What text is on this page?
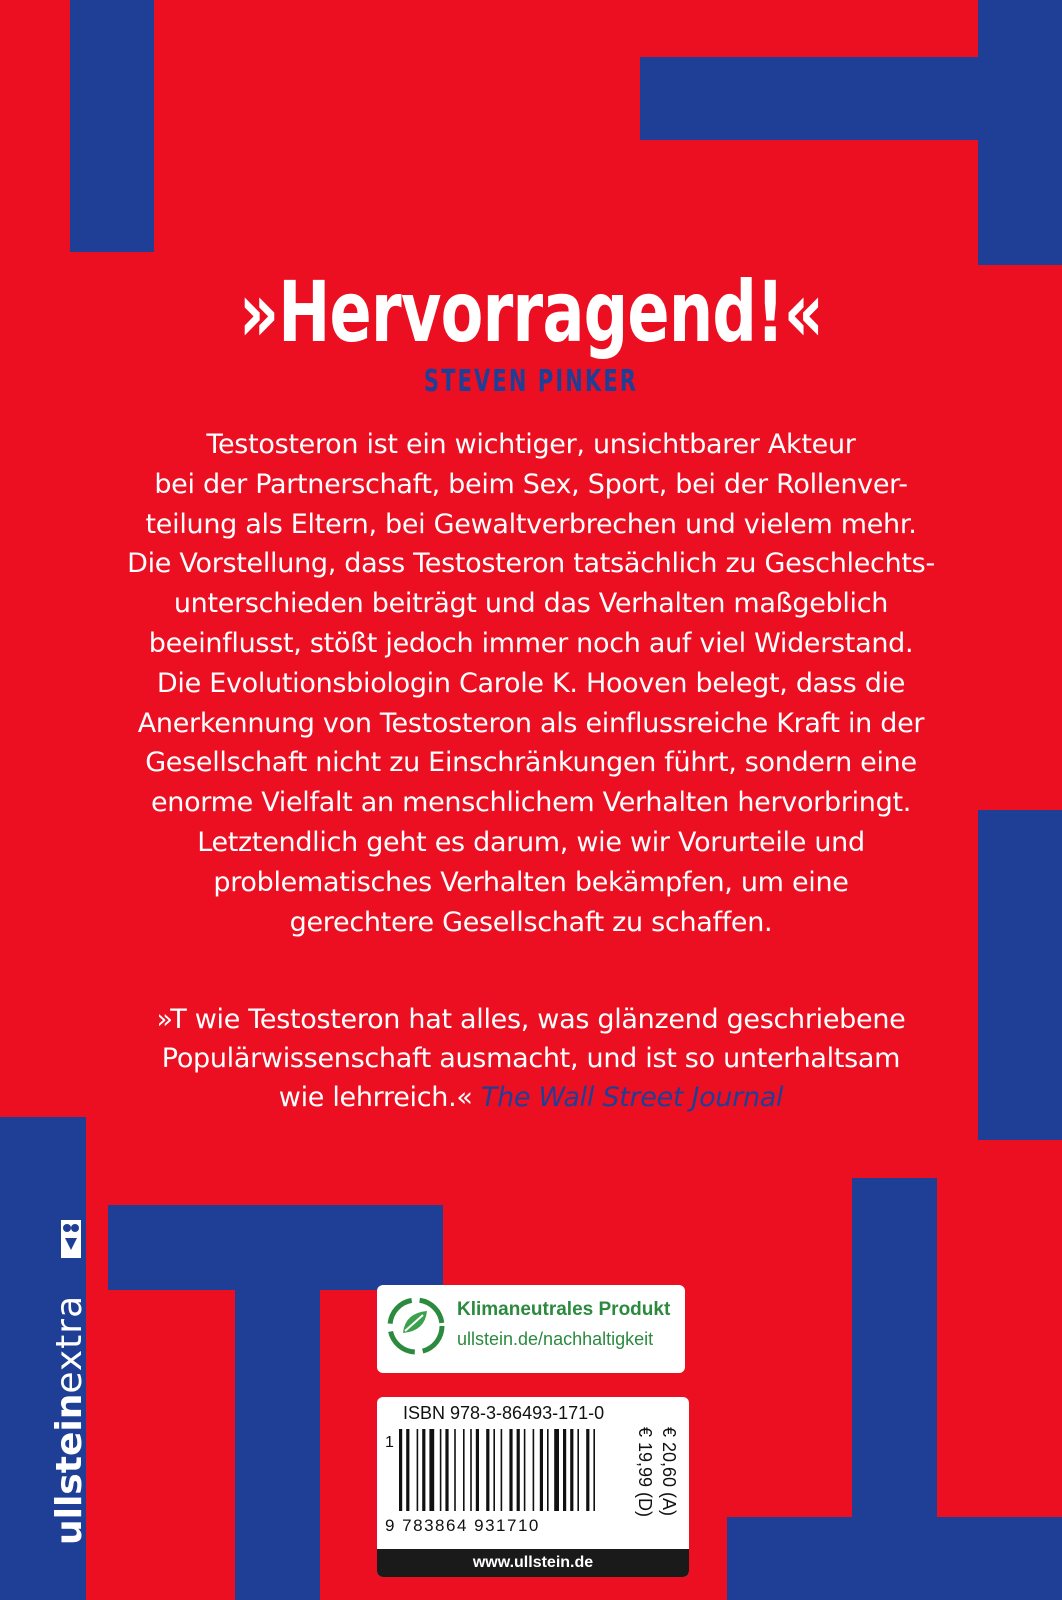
»Hervorragend!«
STEVEN PINKER
Testosteron ist ein wichtiger, unsichtbarer Akteur
bei der Partnerschaft, beim Sex, Sport, bei der Rollenver-
teilung als Eltern, bei Gewaltverbrechen und vielem mehr.
Die Vorstellung, dass Testosteron tatsächlich zu Geschlechts-
unterschieden beiträgt und das Verhalten maßgeblich
beeinflusst, stößt jedoch immer noch auf viel Widerstand.
Die Evolutionsbiologin Carole K. Hooven belegt, dass die
Anerkennung von Testosteron als einflussreiche Kraft in der
Gesellschaft nicht zu Einschränkungen führt, sondern eine
enorme Vielfalt an menschlichem Verhalten hervorbringt.
Letztendlich geht es darum, wie wir Vorurteile und
problematisches Verhalten bekämpfen, um eine
gerechtere Gesellschaft zu schaffen.
»T wie Testosteron hat alles, was glänzend geschriebene
Populärwissenschaft ausmacht, und ist so unterhaltsam
wie lehrreich.« The Wall Street Journal
ullsteinextra	Klimaneutrales Produkt
ullstein.de/nachhaltigkeit
ISBN 978-3-86493-171-0
1
9 783864 931710
€ 19,99 (D) € 20,60 (A)
www.ullstein.de
